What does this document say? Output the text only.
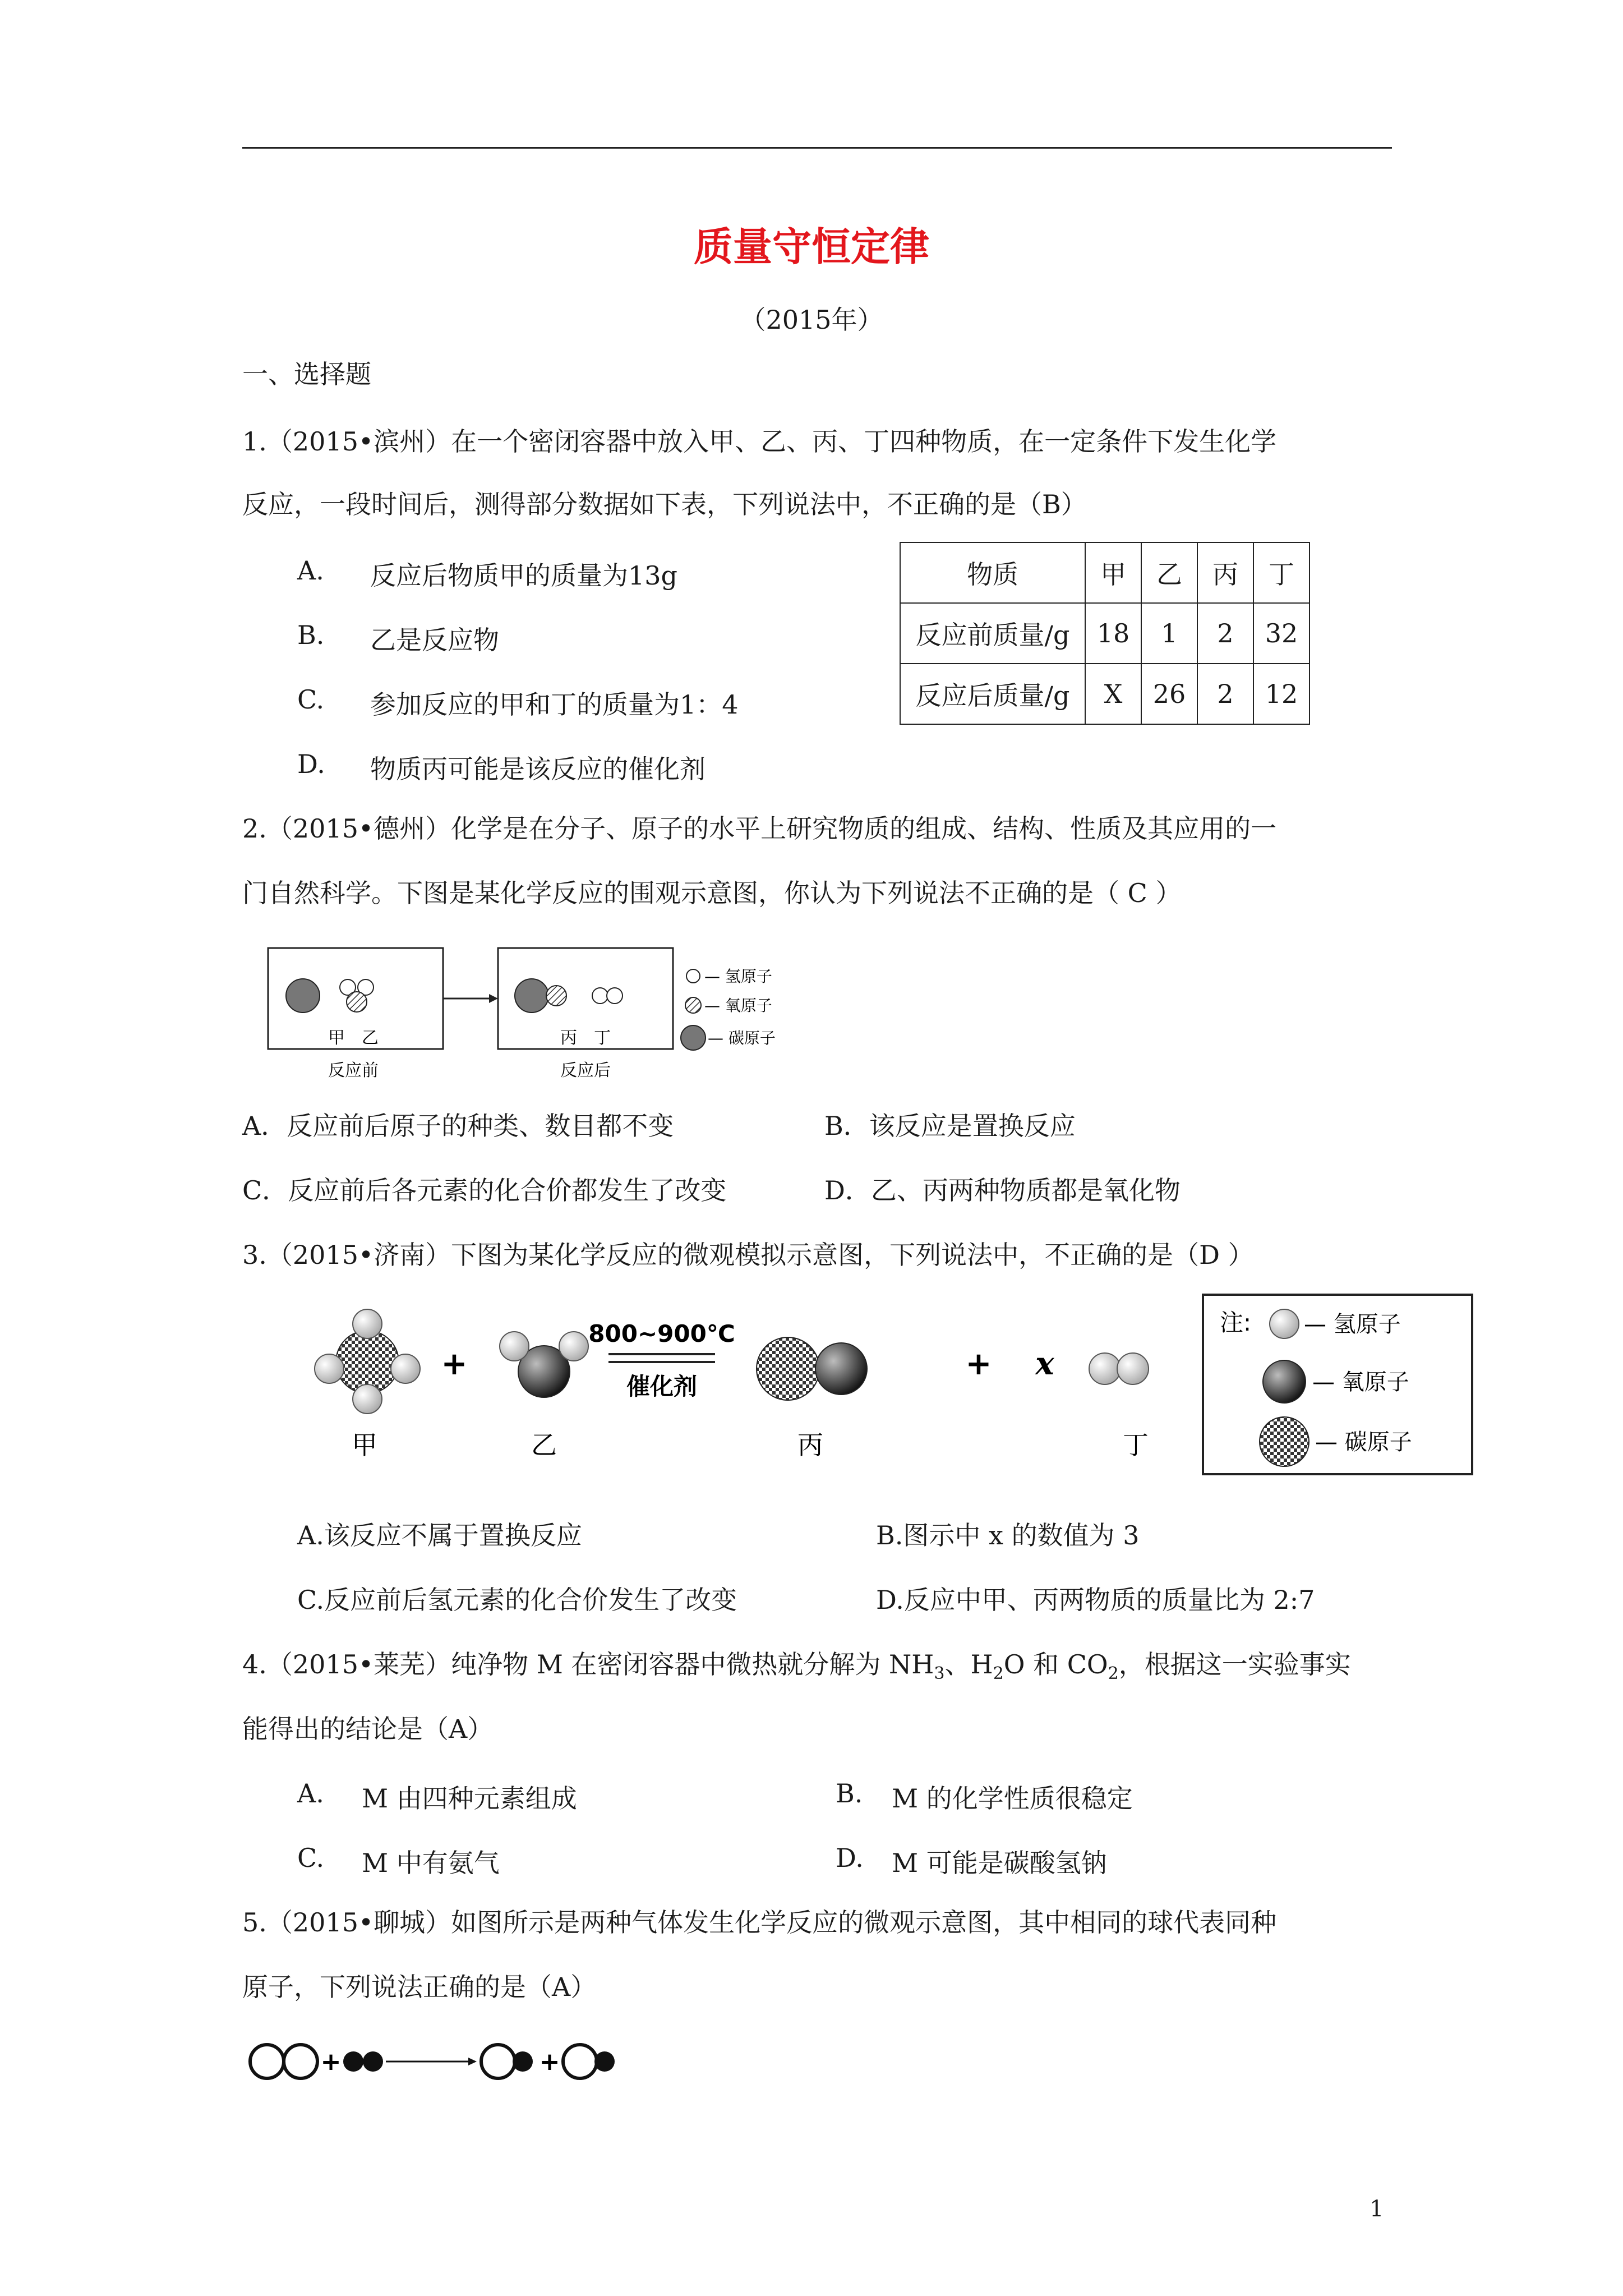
质量守恒定律
（2015年）
一、选择题
1.（2015•滨州）在一个密闭容器中放入甲、乙、丙、丁四种物质，在一定条件下发生化学
反应，一段时间后，测得部分数据如下表，下列说法中，不正确的是（B）
A. 反应后物质甲的质量为13g
B. 乙是反应物
C. 参加反应的甲和丁的质量为1：4
D. 物质丙可能是该反应的催化剂
物质	甲	乙	丙	丁
反应前质量/g	18	1	2	32
反应后质量/g	X	26	2	12
2.（2015•德州）化学是在分子、原子的水平上研究物质的组成、结构、性质及其应用的一
门自然科学。下图是某化学反应的围观示意图，你认为下列说法不正确的是（ C ）
甲　乙	丙　丁
反应前	反应后
— 氢原子
— 氧原子
— 碳原子
A．反应前后原子的种类、数目都不变	B．该反应是置换反应
C．反应前后各元素的化合价都发生了改变	D．乙、丙两种物质都是氧化物
3.（2015•济南）下图为某化学反应的微观模拟示意图，下列说法中，不正确的是（D ）
甲
+
乙
800~900℃
催化剂
丙
+ x
丁
注: — 氢原子
— 氧原子
— 碳原子
A.该反应不属于置换反应	B.图示中 x 的数值为 3
C.反应前后氢元素的化合价发生了改变	D.反应中甲、丙两物质的质量比为 2:7
4.（2015•莱芜）纯净物 M 在密闭容器中微热就分解为 $NH_3$、$H_2O$ 和 $CO_2$，根据这一实验事实
能得出的结论是（A）
A. M 由四种元素组成	B. M 的化学性质很稳定
C. M 中有氨气	D. M 可能是碳酸氢钠
5.（2015•聊城）如图所示是两种气体发生化学反应的微观示意图，其中相同的球代表同种
原子，下列说法正确的是（A）
+	+
1
